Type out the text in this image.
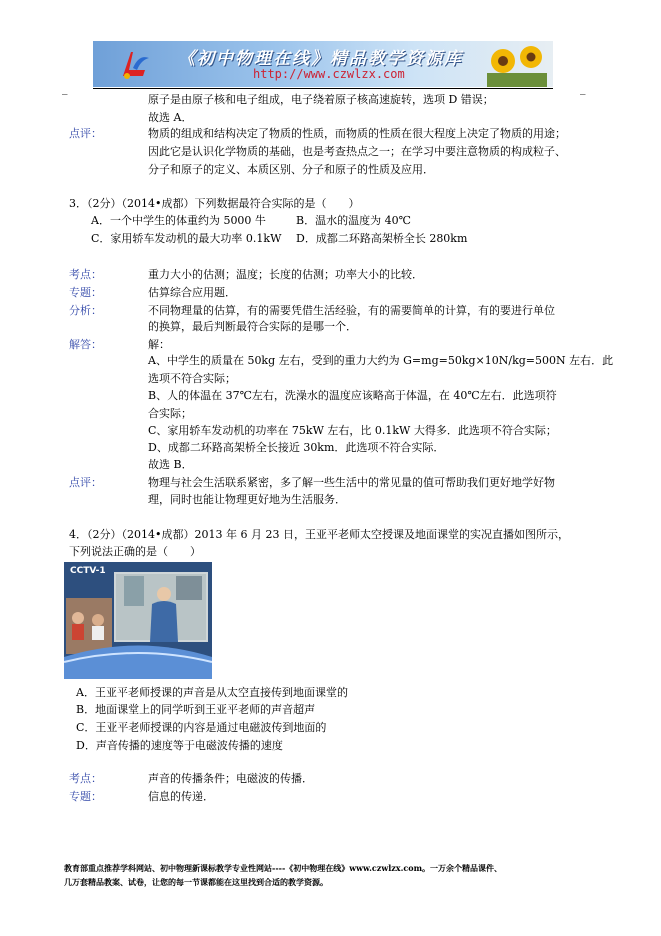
《初中物理在线》精品教学资源库
http://www.czwlzx.com
_	_
原子是由原子核和电子组成，电子绕着原子核高速旋转，选项 D 错误；
故选 A．
点评：	物质的组成和结构决定了物质的性质，而物质的性质在很大程度上决定了物质的用途；
因此它是认识化学物质的基础，也是考查热点之一；在学习中要注意物质的构成粒子、
分子和原子的定义、本质区别、分子和原子的性质及应用．
3．（2分）（2014•成都）下列数据最符合实际的是（　　）
A．一个中学生的体重约为 5000 牛	B．温水的温度为 40℃
C．家用轿车发动机的最大功率 0.1kW D．成都二环路高架桥全长 280km
考点：	重力大小的估测；温度；长度的估测；功率大小的比较．
专题：	估算综合应用题．
分析：	不同物理量的估算，有的需要凭借生活经验，有的需要简单的计算，有的要进行单位
的换算，最后判断最符合实际的是哪一个．
解答：	解：
A、中学生的质量在 50kg 左右，受到的重力大约为 G=mg=50kg×10N/kg=500N 左右．此
选项不符合实际；
B、人的体温在 37℃左右，洗澡水的温度应该略高于体温，在 40℃左右．此选项符
合实际；
C、家用轿车发动机的功率在 75kW 左右，比 0.1kW 大得多．此选项不符合实际；
D、成都二环路高架桥全长接近 30km．此选项不符合实际．
故选 B．
点评：	物理与社会生活联系紧密，多了解一些生活中的常见量的值可帮助我们更好地学好物
理，同时也能让物理更好地为生活服务．
4．（2分）（2014•成都）2013 年 6 月 23 日，王亚平老师太空授课及地面课堂的实况直播如图所示，
下列说法正确的是（　　）
CCTV-1
A．王亚平老师授课的声音是从太空直接传到地面课堂的
B．地面课堂上的同学听到王亚平老师的声音超声
C．王亚平老师授课的内容是通过电磁波传到地面的
D．声音传播的速度等于电磁波传播的速度
考点：	声音的传播条件；电磁波的传播．
专题：	信息的传递．
教育部重点推荐学科网站、初中物理新课标教学专业性网站----《初中物理在线》www.czwlzx.com。一万余个精品课件、
几万套精品教案、试卷，让您的每一节课都能在这里找到合适的教学资源。
